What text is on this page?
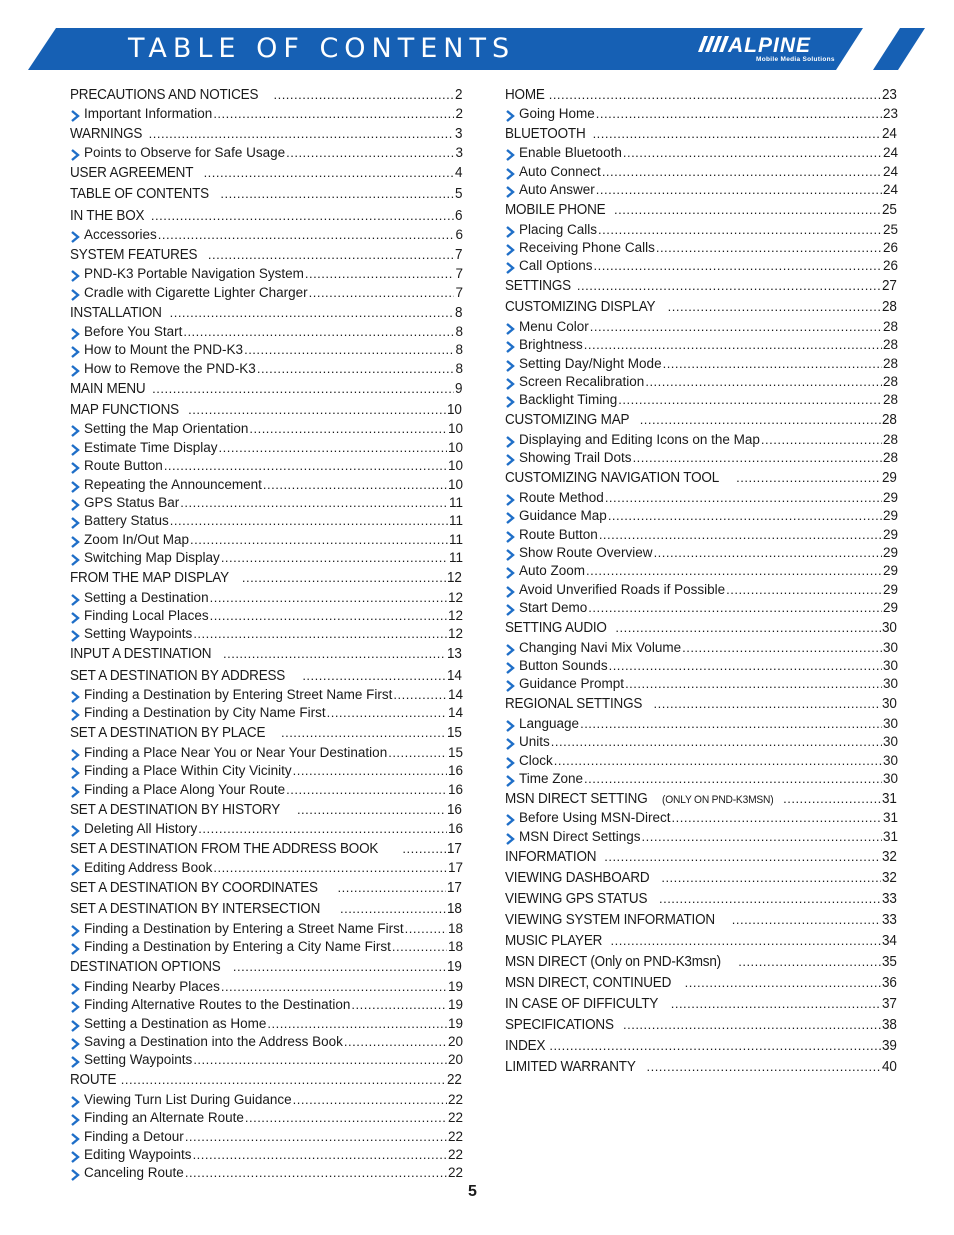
TABLE OF CONTENTS	ALPINE
Mobile Media Solutions
PRECAUTIONS AND NOTICES .....	2
Important Information .....	2
WARNINGS .....	3
Points to Observe for Safe Usage .....	3
USER AGREEMENT .....	4
TABLE OF CONTENTS .....	5
IN THE BOX .....	6
Accessories .....	6
SYSTEM FEATURES .....	7
PND-K3 Portable Navigation System .....	7
Cradle with Cigarette Lighter Charger .....	7
INSTALLATION .....	8
Before You Start .....	8
How to Mount the PND-K3 .....	8
How to Remove the PND-K3 .....	8
MAIN MENU .....	9
MAP FUNCTIONS .....	10
Setting the Map Orientation .....	10
Estimate Time Display .....	10
Route Button .....	10
Repeating the Announcement .....	10
GPS Status Bar .....	11
Battery Status .....	11
Zoom In/Out Map .....	11
Switching Map Display .....	11
FROM THE MAP DISPLAY .....	12
Setting a Destination .....	12
Finding Local Places .....	12
Setting Waypoints .....	12
INPUT A DESTINATION .....	13
SET A DESTINATION BY ADDRESS .....	14
Finding a Destination by Entering Street Name First .....	14
Finding a Destination by City Name First .....	14
SET A DESTINATION BY PLACE .....	15
Finding a Place Near You or Near Your Destination .....	15
Finding a Place Within City Vicinity .....	16
Finding a Place Along Your Route .....	16
SET A DESTINATION BY HISTORY .....	16
Deleting All History .....	16
SET A DESTINATION FROM THE ADDRESS BOOK .....	17
Editing Address Book .....	17
SET A DESTINATION BY COORDINATES .....	17
SET A DESTINATION BY INTERSECTION .....	18
Finding a Destination by Entering a Street Name First .....	18
Finding a Destination by Entering a City Name First .....	18
DESTINATION OPTIONS .....	19
Finding Nearby Places .....	19
Finding Alternative Routes to the Destination .....	19
Setting a Destination as Home .....	19
Saving a Destination into the Address Book .....	20
Setting Waypoints .....	20
ROUTE .....	22
Viewing Turn List During Guidance .....	22
Finding an Alternate Route .....	22
Finding a Detour .....	22
Editing Waypoints .....	22
Canceling Route .....	22
HOME .....	23
Going Home .....	23
BLUETOOTH .....	24
Enable Bluetooth .....	24
Auto Connect .....	24
Auto Answer .....	24
MOBILE PHONE .....	25
Placing Calls .....	25
Receiving Phone Calls .....	26
Call Options .....	26
SETTINGS .....	27
CUSTOMIZING DISPLAY .....	28
Menu Color .....	28
Brightness .....	28
Setting Day/Night Mode .....	28
Screen Recalibration .....	28
Backlight Timing .....	28
CUSTOMIZING MAP .....	28
Displaying and Editing Icons on the Map .....	28
Showing Trail Dots .....	28
CUSTOMIZING NAVIGATION TOOL .....	29
Route Method .....	29
Guidance Map .....	29
Route Button .....	29
Show Route Overview .....	29
Auto Zoom .....	29
Avoid Unverified Roads if Possible .....	29
Start Demo .....	29
SETTING AUDIO .....	30
Changing Navi Mix Volume .....	30
Button Sounds .....	30
Guidance Prompt .....	30
REGIONAL SETTINGS .....	30
Language .....	30
Units .....	30
Clock .....	30
Time Zone .....	30
MSN DIRECT SETTING (ONLY ON PND-K3MSN) .....	31
Before Using MSN-Direct .....	31
MSN Direct Settings .....	31
INFORMATION .....	32
VIEWING DASHBOARD .....	32
VIEWING GPS STATUS .....	33
VIEWING SYSTEM INFORMATION .....	33
MUSIC PLAYER .....	34
MSN DIRECT (Only on PND-K3msn) .....	35
MSN DIRECT, CONTINUED .....	36
IN CASE OF DIFFICULTY .....	37
SPECIFICATIONS .....	38
INDEX .....	39
LIMITED WARRANTY .....	40
5
